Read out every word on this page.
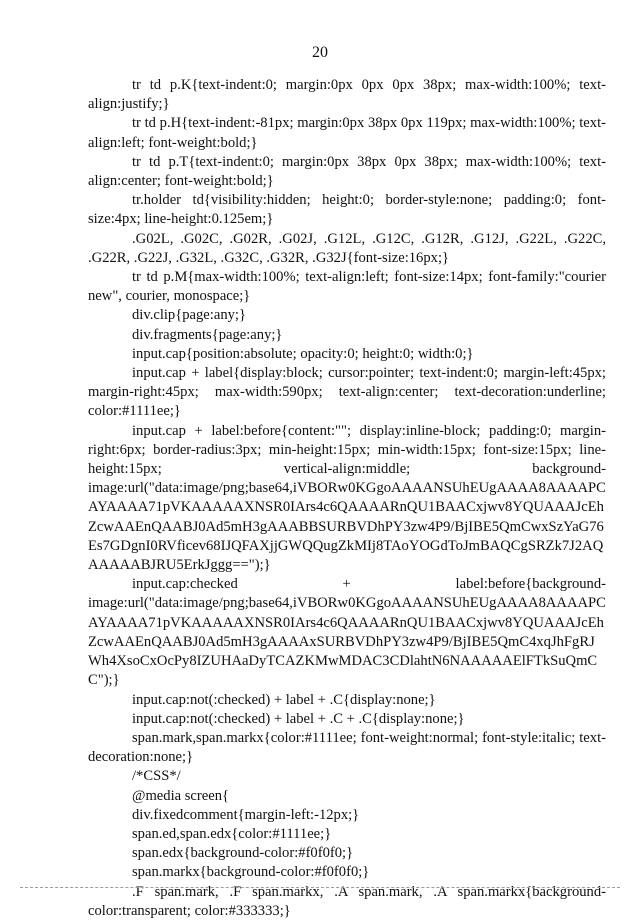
20

tr td p.K{text-indent:0; margin:0px 0px 0px 38px; max-width:100%; text-align:justify;}

tr td p.H{text-indent:-81px; margin:0px 38px 0px 119px; max-width:100%; text-align:left; font-weight:bold;}

tr td p.T{text-indent:0; margin:0px 38px 0px 38px; max-width:100%; text-align:center; font-weight:bold;}

tr.holder td{visibility:hidden; height:0; border-style:none; padding:0; font-size:4px; line-height:0.125em;}

.G02L, .G02C, .G02R, .G02J, .G12L, .G12C, .G12R, .G12J, .G22L, .G22C, .G22R, .G22J, .G32L, .G32C, .G32R, .G32J{font-size:16px;}

tr td p.M{max-width:100%; text-align:left; font-size:14px; font-family:"courier new", courier, monospace;}

div.clip{page:any;}

div.fragments{page:any;}

input.cap{position:absolute; opacity:0; height:0; width:0;}

input.cap + label{display:block; cursor:pointer; text-indent:0; margin-left:45px; margin-right:45px; max-width:590px; text-align:center; text-decoration:underline; color:#1111ee;}

input.cap + label:before{content:""; display:inline-block; padding:0; margin-right:6px; border-radius:3px; min-height:15px; min-width:15px; font-size:15px; line-height:15px; vertical-align:middle; background-image:url("data:image/png;base64,iVBORw0KGgoAAAANSUhEUgAAAA8AAAAPCAYAAAA71pVKAAAAAXNSR0IArs4c6QAAAARnQU1BAACxjwv8YQUAAAJcEhZcwAAEnQAABJ0Ad5mH3gAAABBSURBVDhPY3zw4P9/BjIBE5QmCwxSzYaG76Es7GDgnI0RVficev68IJQFAXjjGWQQugZkMIj8TAoYOGdToJmBAQCgSRZk7J2AQAAAAABJRU5ErkJggg==");}

input.cap:checked + label:before{background-image:url("data:image/png;base64,iVBORw0KGgoAAAANSUhEUgAAAA8AAAAPCAYAAAA71pVKAAAAAXNSR0IArs4c6QAAAARnQU1BAACxjwv8YQUAAAJcEhZcwAAEnQAABJ0Ad5mH3gAAAAxSURBVDhPY3zw4P9/BjIBE5QmC4xqJhFgRJWh4XsoCxOcPy8IZUHAaDyTCAZKMwMDAC3CDlahtN6NAAAAAElFTkSuQmCC");}

input.cap:not(:checked) + label + .C{display:none;}

input.cap:not(:checked) + label + .C + .C{display:none;}

span.mark,span.markx{color:#1111ee; font-weight:normal; font-style:italic; text-decoration:none;}

/*CSS*/

@media screen{

div.fixedcomment{margin-left:-12px;}

span.ed,span.edx{color:#1111ee;}

span.edx{background-color:#f0f0f0;}

span.markx{background-color:#f0f0f0;}

.F span.mark, .F span.markx, .A span.mark, .A span.markx{background-color:transparent; color:#333333;}
